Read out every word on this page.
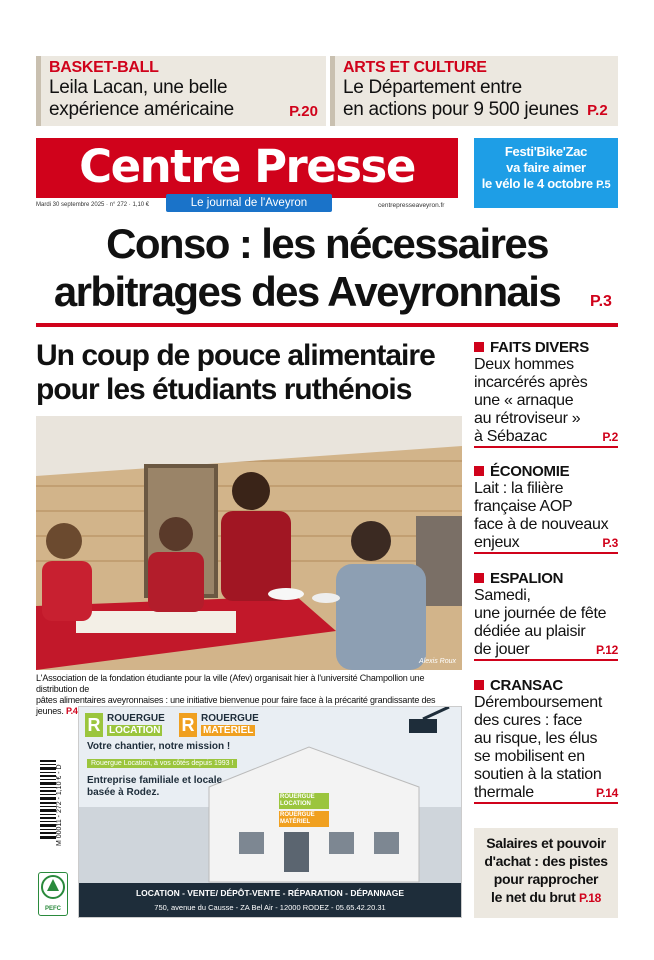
BASKET-BALL
Leila Lacan, une belle
expérience américaine	P.20
ARTS ET CULTURE
Le Département entre
en actions pour 9 500 jeunes P.2
Centre Presse
Le journal de l'Aveyron
Mardi 30 septembre 2025 · n° 272 · 1,10 €	centrepresseaveyron.fr
Festi'Bike'Zac
va faire aimer
le vélo le 4 octobre P.5
Conso : les nécessaires
arbitrages des Aveyronnais	P.3
Un coup de pouce alimentaire
pour les étudiants ruthénois
Alexis Roux
L'Association de la fondation étudiante pour la ville (Afev) organisait hier à l'université Champollion une distribution de
pâtes alimentaires aveyronnaises : une initiative bienvenue pour faire face à la précarité grandissante des jeunes. P.4
M 00011 - 272 - 1,10 € - D
PEFC
R ROUERGUE
LOCATION R ROUERGUE
MATÉRIEL
Votre chantier, notre mission !
Rouergue Location, à vos côtés depuis 1993 !
Entreprise familiale et locale
basée à Rodez.	ROUERGUE LOCATION
ROUERGUE MATÉRIEL
LOCATION - VENTE/ DÉPÔT-VENTE - RÉPARATION - DÉPANNAGE
750, avenue du Causse - ZA Bel Air - 12000 RODEZ - 05.65.42.20.31
FAITS DIVERS
Deux hommes
incarcérés après
une « arnaque
au rétroviseur »
à Sébazac	P.2
ÉCONOMIE
Lait : la filière
française AOP
face à de nouveaux
enjeux	P.3
ESPALION
Samedi,
une journée de fête
dédiée au plaisir
de jouer	P.12
CRANSAC
Déremboursement
des cures : face
au risque, les élus
se mobilisent en
soutien à la station
thermale	P.14
Salaires et pouvoir
d'achat : des pistes
pour rapprocher
le net du brut P.18
